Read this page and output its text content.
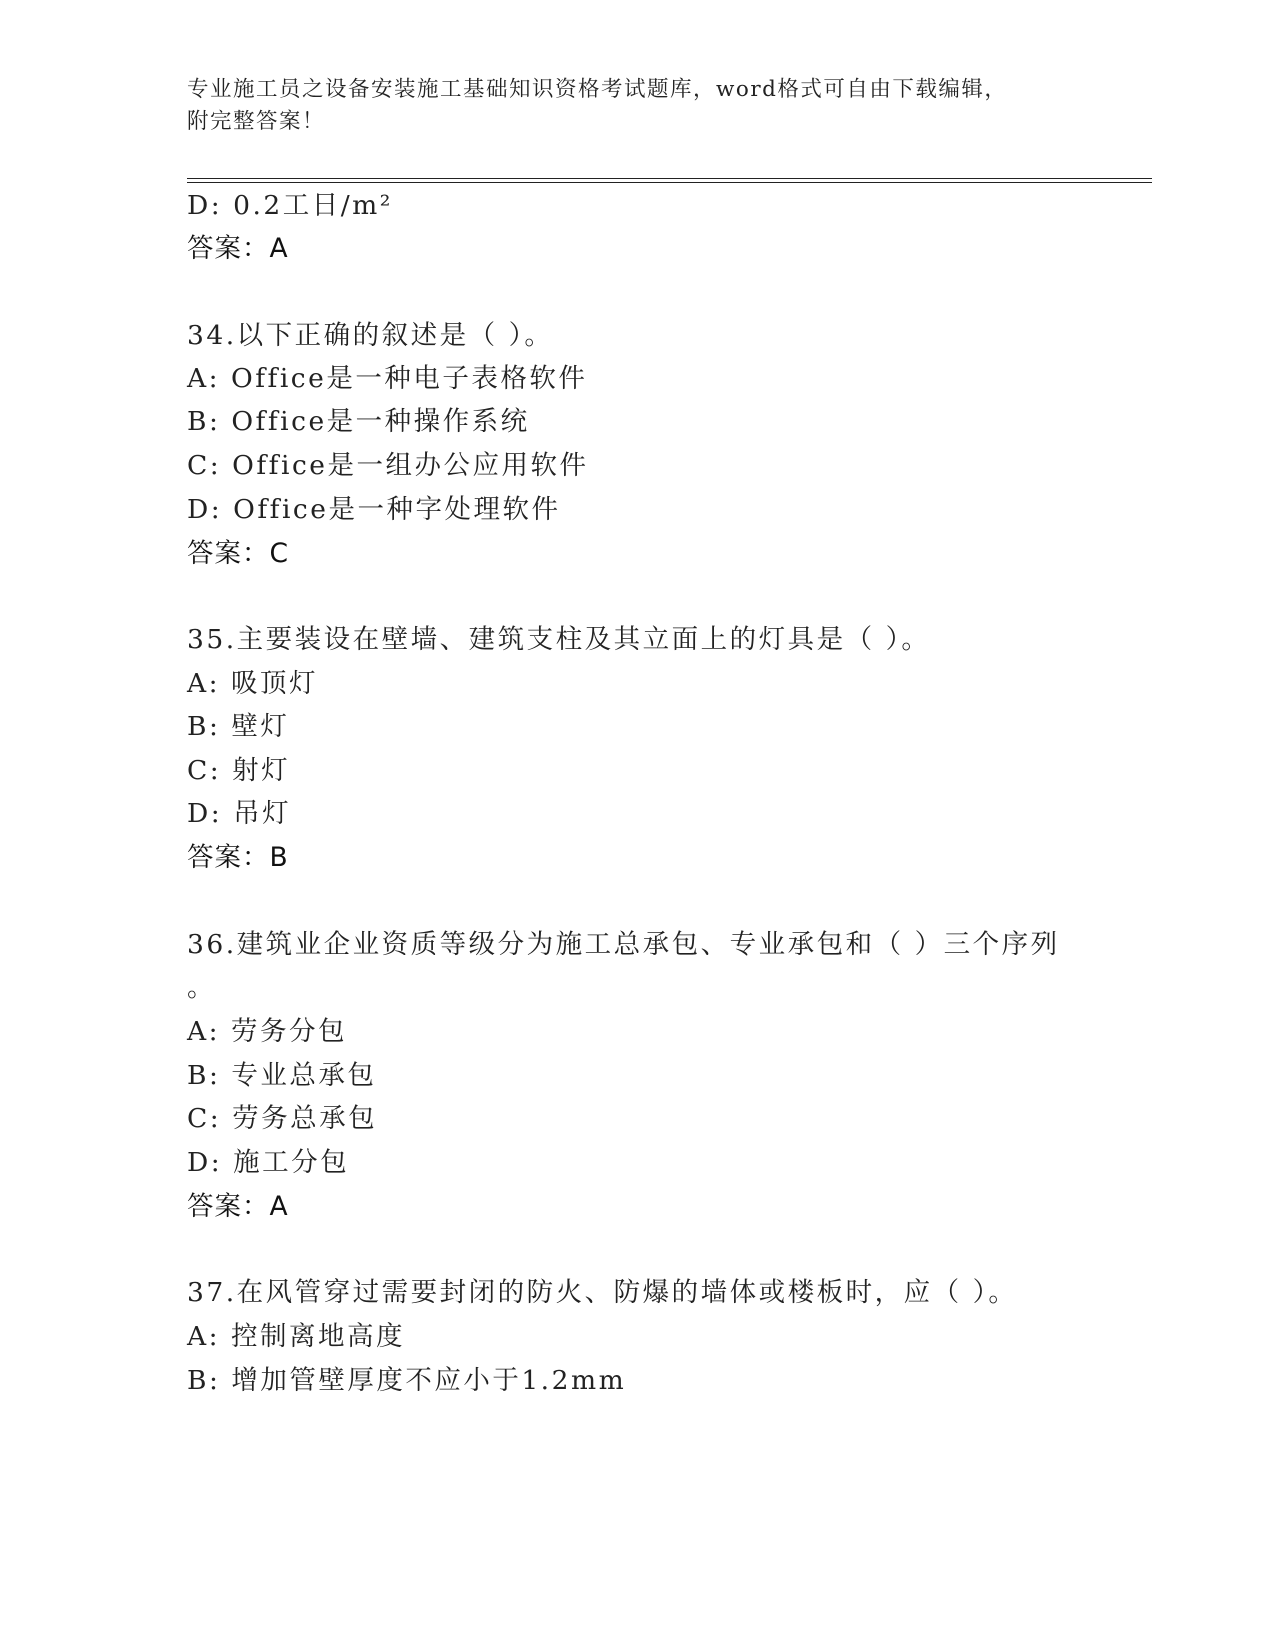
专业施工员之设备安装施工基础知识资格考试题库，word格式可自由下载编辑，
附完整答案！
D: 0.2工日/m²
答案：A
34.以下正确的叙述是（ ）。
A: Office是一种电子表格软件
B: Office是一种操作系统
C: Office是一组办公应用软件
D: Office是一种字处理软件
答案：C
35.主要装设在壁墙、建筑支柱及其立面上的灯具是（ ）。
A: 吸顶灯
B: 壁灯
C: 射灯
D: 吊灯
答案：B
36.建筑业企业资质等级分为施工总承包、专业承包和（ ）三个序列
。
A: 劳务分包
B: 专业总承包
C: 劳务总承包
D: 施工分包
答案：A
37.在风管穿过需要封闭的防火、防爆的墙体或楼板时，应（ ）。
A: 控制离地高度
B: 增加管壁厚度不应小于1.2mm
